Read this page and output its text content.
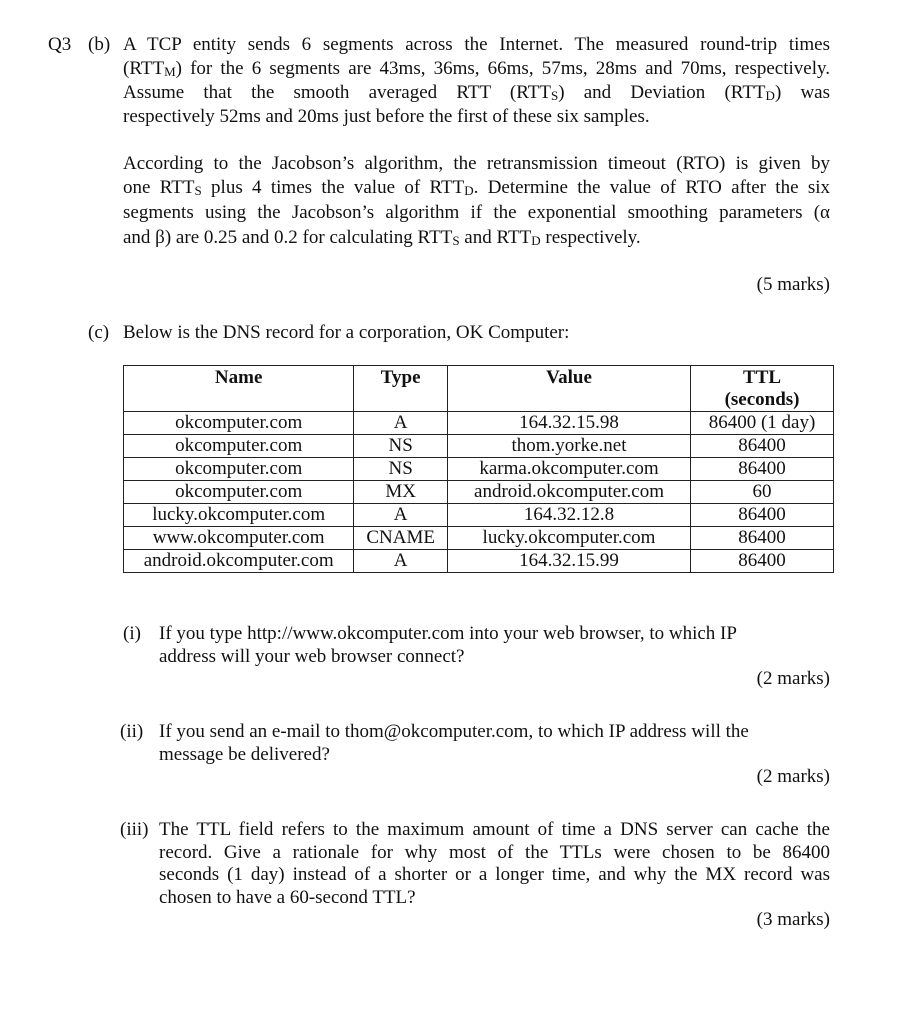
Q3 (b) A TCP entity sends 6 segments across the Internet. The measured round-trip times
$(RTT_M)$ for the 6 segments are 43ms, 36ms, 66ms, 57ms, 28ms and 70ms, respectively.
Assume that the smooth averaged RTT $(RTT_S)$ and Deviation $(RTT_D)$ was
respectively 52ms and 20ms just before the first of these six samples.
According to the Jacobson’s algorithm, the retransmission timeout (RTO) is given by
one $RTT_S$ plus 4 times the value of $RTT_D$. Determine the value of RTO after the six
segments using the Jacobson’s algorithm if the exponential smoothing parameters (α
and β) are 0.25 and 0.2 for calculating $RTT_S$ and $RTT_D$ respectively.
(5 marks)
(c) Below is the DNS record for a corporation, OK Computer:
Name	Type	Value	TTL
(seconds)

okcomputer.com	A	164.32.15.98	86400 (1 day)
okcomputer.com	NS	thom.yorke.net	86400
okcomputer.com	NS	karma.okcomputer.com	86400
okcomputer.com	MX	android.okcomputer.com	60
lucky.okcomputer.com	A	164.32.12.8	86400
www.okcomputer.com	CNAME	lucky.okcomputer.com	86400
android.okcomputer.com	A	164.32.15.99	86400
(i) If you type http://www.okcomputer.com into your web browser, to which IP
address will your web browser connect?
(2 marks)
(ii) If you send an e-mail to thom@okcomputer.com, to which IP address will the
message be delivered?
(2 marks)
(iii) The TTL field refers to the maximum amount of time a DNS server can cache the
record. Give a rationale for why most of the TTLs were chosen to be 86400
seconds (1 day) instead of a shorter or a longer time, and why the MX record was
chosen to have a 60-second TTL?
(3 marks)
